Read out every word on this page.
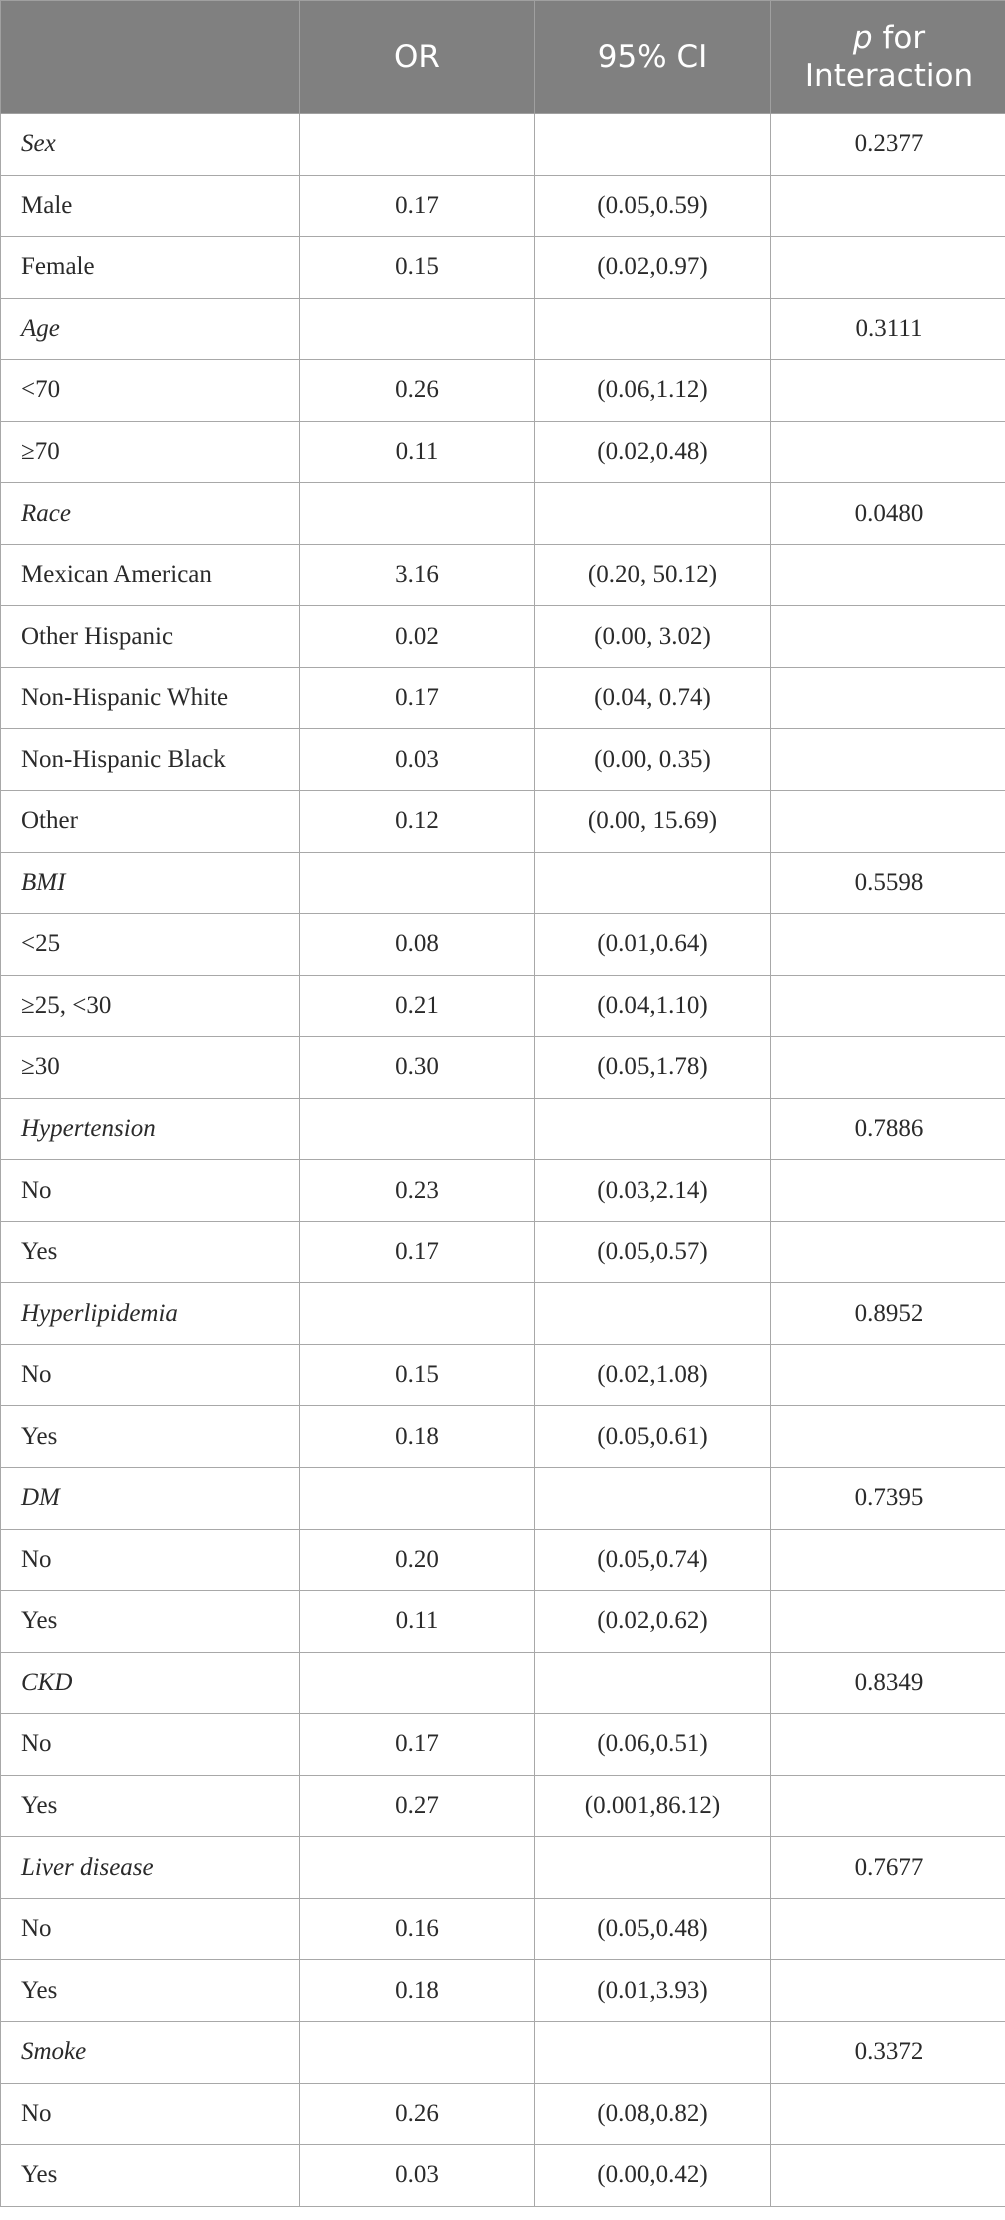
	OR	95% CI	p for Interaction
Sex			0.2377
Male	0.17	(0.05,0.59)	
Female	0.15	(0.02,0.97)	
Age			0.3111
<70	0.26	(0.06,1.12)	
≥70	0.11	(0.02,0.48)	
Race			0.0480
Mexican American	3.16	(0.20, 50.12)	
Other Hispanic	0.02	(0.00, 3.02)	
Non-Hispanic White	0.17	(0.04, 0.74)	
Non-Hispanic Black	0.03	(0.00, 0.35)	
Other	0.12	(0.00, 15.69)	
BMI			0.5598
<25	0.08	(0.01,0.64)	
≥25, <30	0.21	(0.04,1.10)	
≥30	0.30	(0.05,1.78)	
Hypertension			0.7886
No	0.23	(0.03,2.14)	
Yes	0.17	(0.05,0.57)	
Hyperlipidemia			0.8952
No	0.15	(0.02,1.08)	
Yes	0.18	(0.05,0.61)	
DM			0.7395
No	0.20	(0.05,0.74)	
Yes	0.11	(0.02,0.62)	
CKD			0.8349
No	0.17	(0.06,0.51)	
Yes	0.27	(0.001,86.12)	
Liver disease			0.7677
No	0.16	(0.05,0.48)	
Yes	0.18	(0.01,3.93)	
Smoke			0.3372
No	0.26	(0.08,0.82)	
Yes	0.03	(0.00,0.42)	
